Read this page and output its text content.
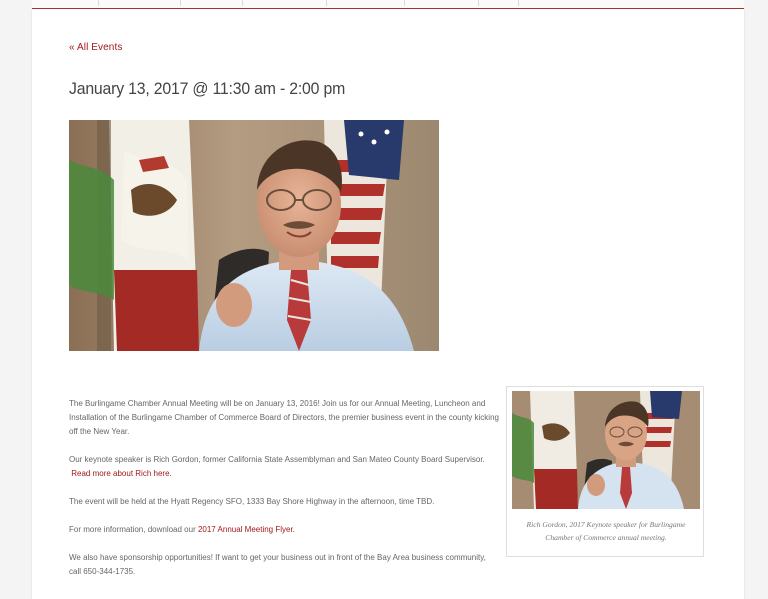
« All Events
January 13, 2017 @ 11:30 am - 2:00 pm

The Burlingame Chamber Annual Meeting will be on January 13, 2016! Join us for our Annual Meeting, Luncheon and Installation of the Burlingame Chamber of Commerce Board of Directors, the premier business event in the county kicking off the New Year.

Our keynote speaker is Rich Gordon, former California State Assemblyman and San Mateo County Board Supervisor.
Read more about Rich here.

The event will be held at the Hyatt Regency SFO, 1333 Bay Shore Highway in the afternoon, time TBD.

For more information, download our 2017 Annual Meeting Flyer.

We also have sponsorship opportunities! If want to get your business out in front of the Bay Area business community, call 650-344-1735.

Rich Gordon, 2017 Keynote speaker for Burlingame Chamber of Commerce annual meeting.
